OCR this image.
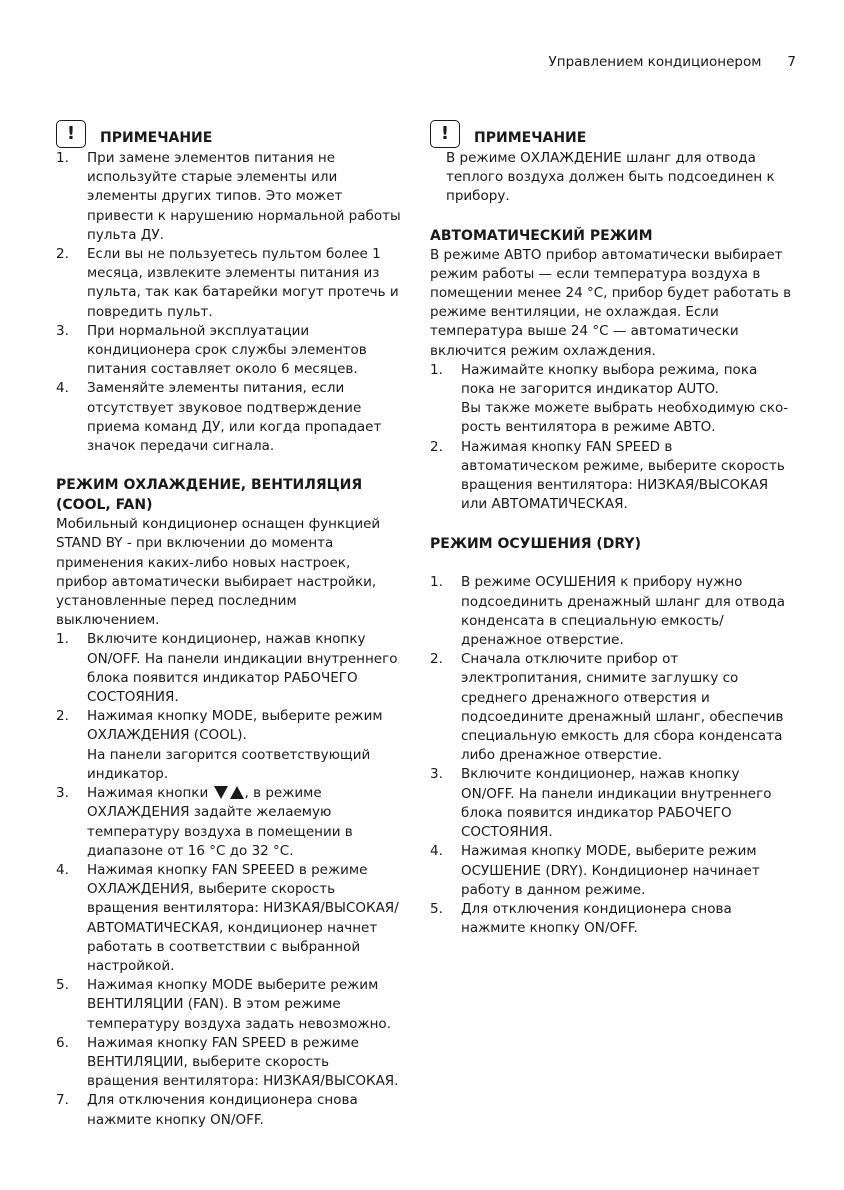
Управлением кондиционером 7
!	ПРИМЕЧАНИЕ
1.	При замене элементов питания не используйте старые элементы или элементы других типов. Это может привести к нарушению нормальной работы пульта ДУ.
2.	Если вы не пользуетесь пультом более 1 месяца, извлеките элементы питания из пульта, так как батарейки могут протечь и повредить пульт.
3.	При нормальной эксплуатации кондиционера срок службы элементов питания составляет около 6 месяцев.
4.	Заменяйте элементы питания, если отсутствует звуковое подтверждение приема команд ДУ, или когда пропадает значок передачи сигнала.
РЕЖИМ ОХЛАЖДЕНИЕ, ВЕНТИЛЯЦИЯ (COOL, FAN)

Мобильный кондиционер оснащен функцией STAND BY - при включении до момента применения каких-либо новых настроек, прибор автоматически выбирает настройки, установленные перед последним выключением.

1.	Включите кондиционер, нажав кнопку ON/OFF. На панели индикации внутреннего блока появится индикатор РАБОЧЕГО СОСТОЯНИЯ.
2.	Нажимая кнопку MODE, выберите режим ОХЛАЖДЕНИЯ (COOL).
На панели загорится соответствующий индикатор.
3.	Нажимая кнопки	, в режиме ОХЛАЖДЕНИЯ задайте желаемую температуру воздуха в помещении в диапазоне от 16 °C до 32 °C.
4.	Нажимая кнопку FAN SPEEED в режиме ОХЛАЖДЕНИЯ, выберите скорость вращения вентилятора: НИЗКАЯ/ВЫСОКАЯ/ АВТОМАТИЧЕСКАЯ, кондиционер начнет работать в соответствии с выбранной настройкой.
5.	Нажимая кнопку MODE выберите режим ВЕНТИЛЯЦИИ (FAN). В этом режиме температуру воздуха задать невозможно.
6.	Нажимая кнопку FAN SPEED в режиме ВЕНТИЛЯЦИИ, выберите скорость вращения вентилятора: НИЗКАЯ/ВЫСОКАЯ.
7.	Для отключения кондиционера снова нажмите кнопку ON/OFF.
!	ПРИМЕЧАНИЕ

В режиме ОХЛАЖДЕНИЕ шланг для отвода теплого воздуха должен быть подсоединен к прибору.

АВТОМАТИЧЕСКИЙ РЕЖИМ

В режиме АВТО прибор автоматически выбирает режим работы — если температура воздуха в помещении менее 24 °С, прибор будет работать в режиме вентиляции, не охлаждая. Если температура выше 24 °С — автоматически включится режим охлаждения.

1.	Нажимайте кнопку выбора режима, пока пока не загорится индикатор AUTO.
Вы также можете выбрать необходимую ско- рость вентилятора в режиме АВТО.
2.	Нажимая кнопку FAN SPEED в автоматическом режиме, выберите скорость вращения вентилятора: НИЗКАЯ/ВЫСОКАЯ или АВТОМАТИЧЕСКАЯ.
РЕЖИМ ОСУШЕНИЯ (DRY)
1.	В режиме ОСУШЕНИЯ к прибору нужно подсоединить дренажный шланг для отвода конденсата в специальную емкость/ дренажное отверстие.
2.	Сначала отключите прибор от электропитания, снимите заглушку со среднего дренажного отверстия и подсоедините дренажный шланг, обеспечив специальную емкость для сбора конденсата либо дренажное отверстие.
3.	Включите кондиционер, нажав кнопку ON/OFF. На панели индикации внутреннего блока появится индикатор РАБОЧЕГО СОСТОЯНИЯ.
4.	Нажимая кнопку MODE, выберите режим ОСУШЕНИЕ (DRY). Кондиционер начинает работу в данном режиме.
5.	Для отключения кондиционера снова нажмите кнопку ON/OFF.
